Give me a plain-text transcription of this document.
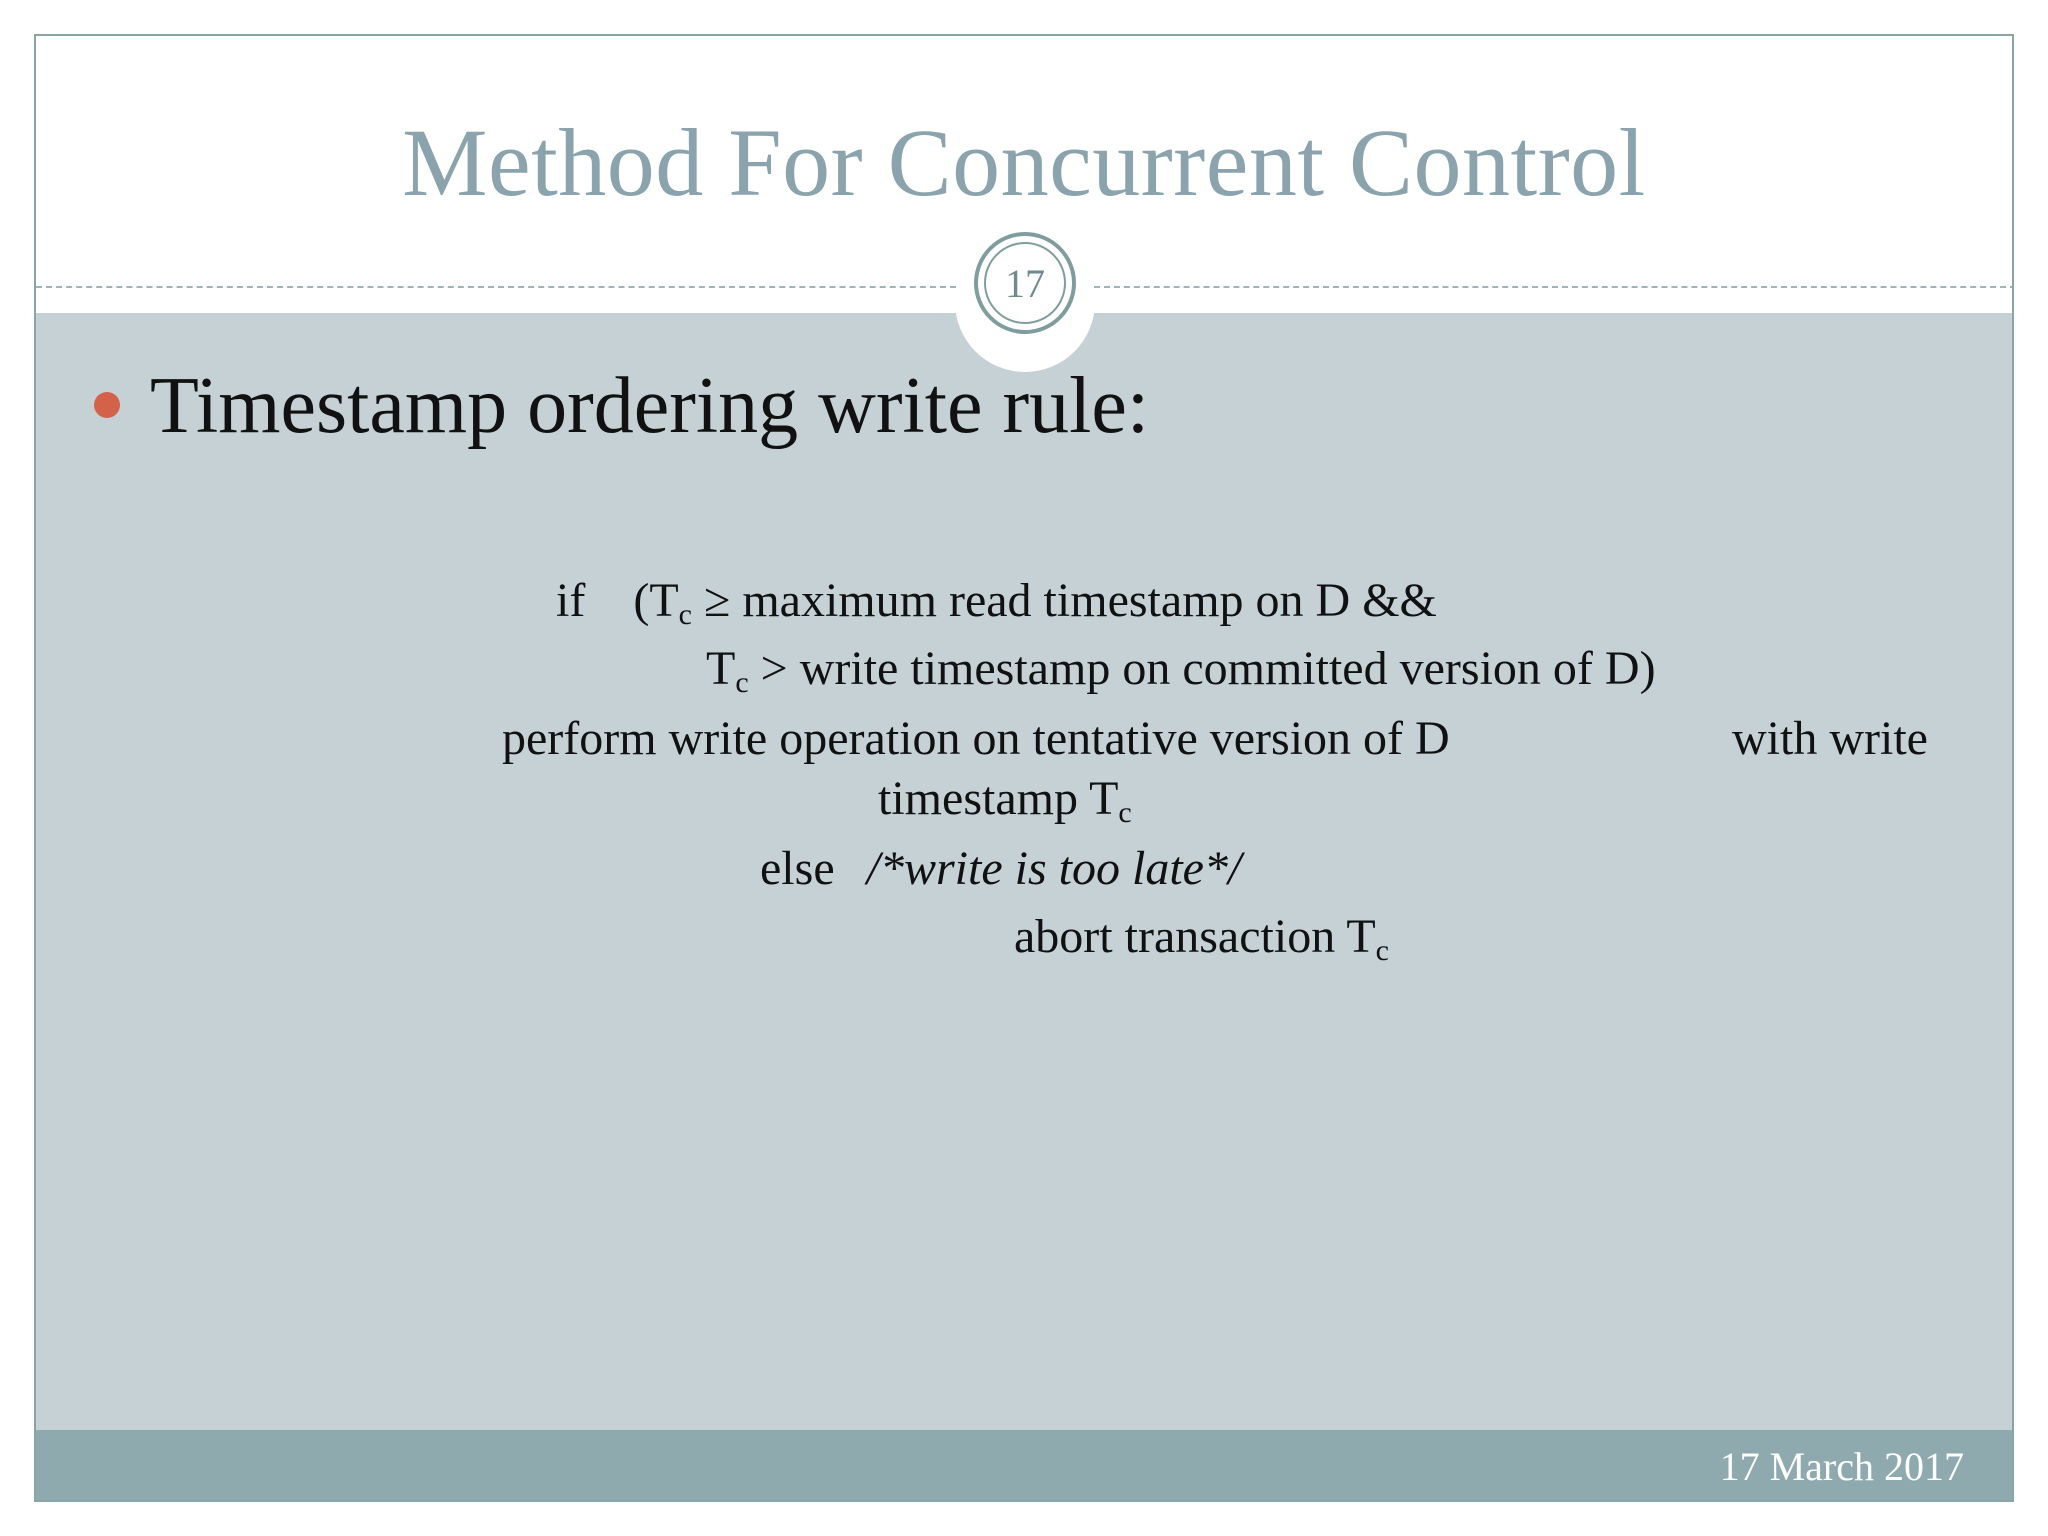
Method For Concurrent Control
17
Timestamp ordering write rule:
if ($T_c$ ≥ maximum read timestamp on D &&
$T_c$ > write timestamp on committed version of D)
perform write operation on tentative version of D	with write
timestamp $T_c$
else /*write is too late*/
abort transaction $T_c$
17 March 2017
